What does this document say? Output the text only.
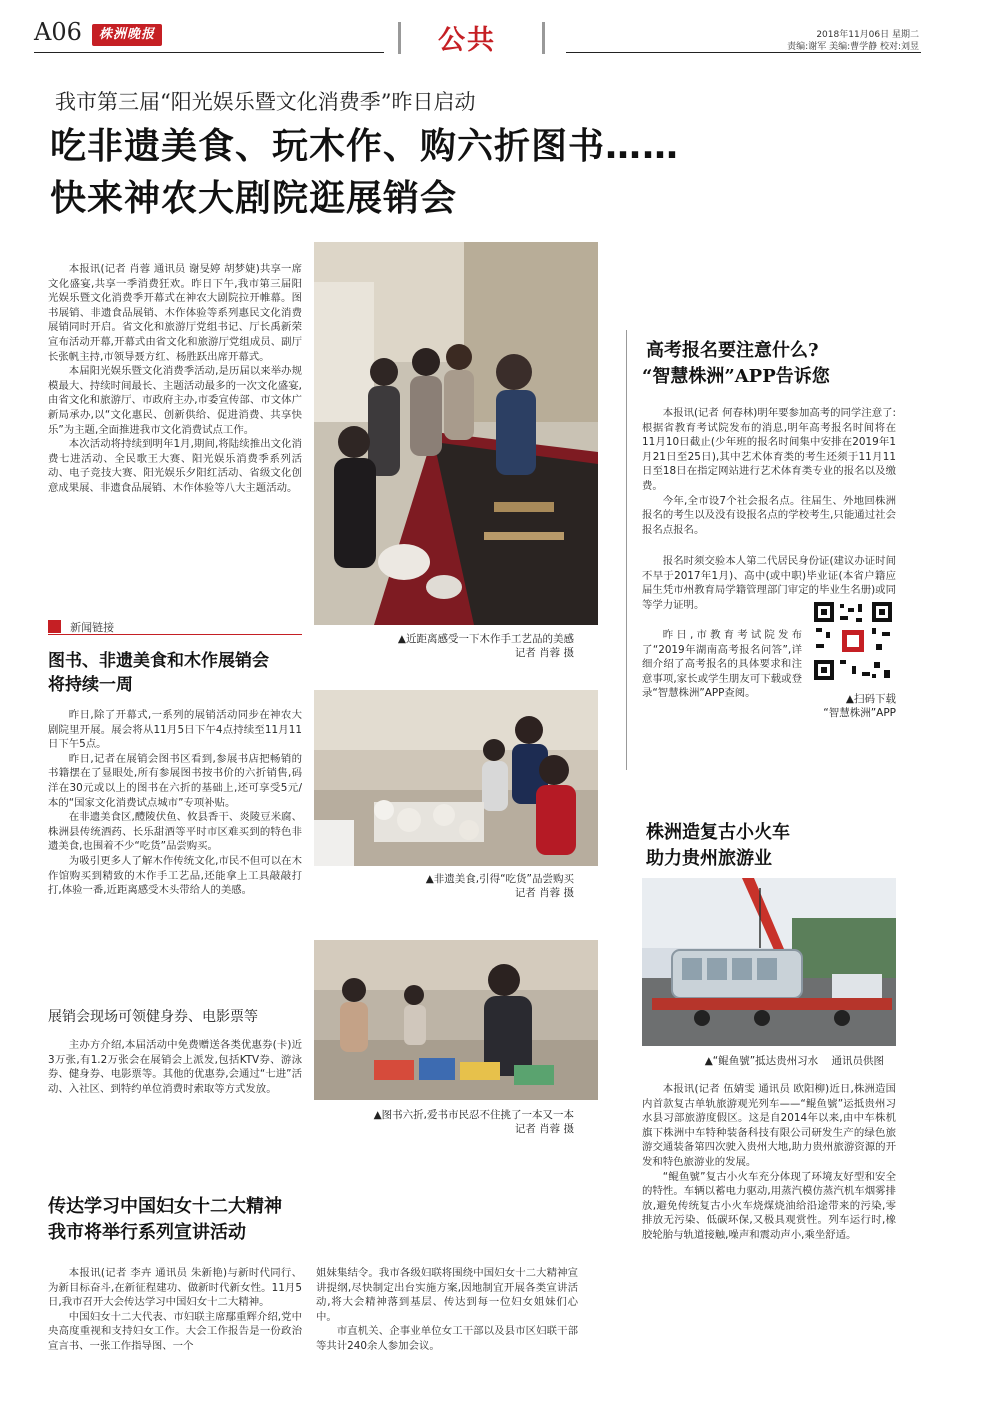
A06	株洲晚报	公共	2018年11月06日 星期二
责编:谢军 美编:曹学静 校对:刘昱
我市第三届“阳光娱乐暨文化消费季”昨日启动
吃非遗美食、玩木作、购六折图书……
快来神农大剧院逛展销会

本报讯(记者 肖蓉 通讯员 谢旻婷 胡梦婕)共享一席文化盛宴,共享一季消费狂欢。昨日下午,我市第三届阳光娱乐暨文化消费季开幕式在神农大剧院拉开帷幕。图书展销、非遗食品展销、木作体验等系列惠民文化消费展销同时开启。省文化和旅游厅党组书记、厅长禹新荣宣布活动开幕,开幕式由省文化和旅游厅党组成员、副厅长张帆主持,市领导聂方红、杨胜跃出席开幕式。

本届阳光娱乐暨文化消费季活动,是历届以来举办规模最大、持续时间最长、主题活动最多的一次文化盛宴,由省文化和旅游厅、市政府主办,市委宣传部、市文体广新局承办,以“文化惠民、创新供给、促进消费、共享快乐”为主题,全面推进我市文化消费试点工作。

本次活动将持续到明年1月,期间,将陆续推出文化消费七进活动、全民歌王大赛、阳光娱乐消费季系列活动、电子竞技大赛、阳光娱乐夕阳红活动、省级文化创意成果展、非遗食品展销、木作体验等八大主题活动。

▲近距离感受一下木作手工艺品的美感
记者 肖蓉 摄
新闻链接
图书、非遗美食和木作展销会
将持续一周

昨日,除了开幕式,一系列的展销活动同步在神农大剧院里开展。展会将从11月5日下午4点持续至11月11日下午5点。

昨日,记者在展销会图书区看到,参展书店把畅销的书籍摆在了显眼处,所有参展图书按书价的六折销售,码洋在30元或以上的图书在六折的基础上,还可享受5元/本的“国家文化消费试点城市”专项补贴。

在非遗美食区,醴陵伏鱼、攸县香干、炎陵豆米腐、株洲县传统酒药、长乐甜酒等平时市区难买到的特色非遗美食,也围着不少“吃货”品尝购买。

为吸引更多人了解木作传统文化,市民不但可以在木作馆购买到精致的木作手工艺品,还能拿上工具敲敲打打,体验一番,近距离感受木头带给人的美感。

展销会现场可领健身券、电影票等

主办方介绍,本届活动中免费赠送各类优惠券(卡)近3万张,有1.2万张会在展销会上派发,包括KTV券、游泳券、健身券、电影票等。其他的优惠券,会通过“七进”活动、入社区、到特约单位消费时索取等方式发放。

▲非遗美食,引得“吃货”品尝购买
记者 肖蓉 摄
▲图书六折,爱书市民忍不住挑了一本又一本
记者 肖蓉 摄
高考报名要注意什么?
“智慧株洲”APP告诉您

本报讯(记者 何春林)明年要参加高考的同学注意了:根据省教育考试院发布的消息,明年高考报名时间将在11月10日截止(少年班的报名时间集中安排在2019年1月21日至25日),其中艺术体育类的考生还须于11月11日至18日在指定网站进行艺术体育类专业的报名以及缴费。

今年,全市设7个社会报名点。往届生、外地回株洲报名的考生以及没有设报名点的学校考生,只能通过社会报名点报名。

报名时须交验本人第二代居民身份证(建议办证时间不早于2017年1月)、高中(或中职)毕业证(本省户籍应届生凭市州教育局学籍管理部门审定的毕业生名册)或同等学力证明。

昨日,市教育考试院发布了“2019年湖南高考报名问答”,详细介绍了高考报名的具体要求和注意事项,家长或学生朋友可下载或登录“智慧株洲”APP查阅。	▲扫码下载
“智慧株洲”APP
株洲造复古小火车
助力贵州旅游业
▲“鲲鱼號”抵达贵州习水 通讯员供图

本报讯(记者 伍婧雯 通讯员 欧阳柳)近日,株洲造国内首款复古单轨旅游观光列车——“鲲鱼號”运抵贵州习水县习部旅游度假区。这是自2014年以来,由中车株机旗下株洲中车特种装备科技有限公司研发生产的绿色旅游交通装备第四次驶入贵州大地,助力贵州旅游资源的开发和特色旅游业的发展。

“鲲鱼號”复古小火车充分体现了环境友好型和安全的特性。车辆以蓄电力驱动,用蒸汽模仿蒸汽机车烟雾排放,避免传统复古小火车烧煤烧油给沿途带来的污染,零排放无污染、低碳环保,又极具观赏性。列车运行时,橡胶轮胎与轨道接触,噪声和震动声小,乘坐舒适。

传达学习中国妇女十二大精神
我市将举行系列宣讲活动

本报讯(记者 李卉 通讯员 朱新艳)与新时代同行、为新目标奋斗,在新征程建功、做新时代新女性。11月5日,我市召开大会传达学习中国妇女十二大精神。

中国妇女十二大代表、市妇联主席鄢重辉介绍,党中央高度重视和支持妇女工作。大会工作报告是一份政治宣言书、一张工作指导图、一个

姐妹集结令。我市各级妇联将围绕中国妇女十二大精神宣讲提纲,尽快制定出台实施方案,因地制宜开展各类宣讲活动,将大会精神落到基层、传达到每一位妇女姐妹们心中。

市直机关、企事业单位女工干部以及县市区妇联干部等共计240余人参加会议。
